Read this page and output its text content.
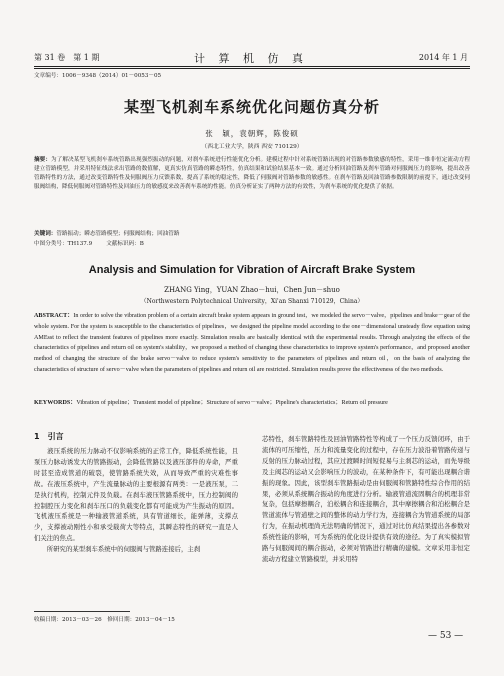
第 31 卷　第 1 期	计 算 机 仿 真	2014 年 1 月
文章编号：1006－9348（2014）01－0053－05
某型飞机刹车系统优化问题仿真分析
张　颖，袁朝辉，陈俊硕
（西北工业大学，陕西 西安 710129）
摘要：为了解决某型飞机刹车系统管路出现强烈振动的问题，对刹车系统进行性能优化分析。建模过程中针对系统管路出现的对管路参数敏感的特性，采用一维非恒定流动方程建立管路模型，并采用特征线法求出管路的数值解，更真实仿真管路的瞬态特性，仿真结果和试验结果基本一致。通过分析回油管路及刹车管路对伺服阀压力的影响，提出改善管路特性的方法，通过改变管路特性及伺服阀压力反馈系数，提高了系统的稳定性，降低了伺服阀对管路参数的敏感性。在刹车管路及回油管路参数限制的前提下，通过改变伺服阀结构，降低伺服阀对管路特性及回油压力的敏感度来改善刹车系统的性能。仿真分析证实了两种方法的有效性，为刹车系统的优化提供了依据。
关键词：管路振动；瞬态管路模型；伺服阀结构；回油管路
中图分类号：TH137.9	文献标识码：B
Analysis and Simulation for Vibration of Aircraft Brake System
ZHANG Ying，YUAN Zhao－hui，Chen Jun－shuo
（Northwestern Polytechnical University，Xi'an Shanxi 710129，China）
ABSTRACT：In order to solve the vibration problem of a certain aircraft brake system appears in ground test，we modeled the servo－valve，pipelines and brake－gear of the whole system. For the system is susceptible to the characteristics of pipelines，we designed the pipeline model according to the one－dimensional unsteady flow equation using AMEsst to reflect the transient features of pipelines more exactly. Simulation results are basically identical with the experimental results. Through analyzing the effects of the characteristics of pipelines and return oil on system's stability，we proposed a method of changing these characteristics to improve system's performance，and proposed another method of changing the structure of the brake servo－valve to reduce system's sensitivity to the parameters of pipelines and return oil，on the basis of analyzing the characteristics of structure of servo－valve when the parameters of pipelines and return oil are restricted. Simulation results prove the effectiveness of the two methods.
KEYWORDS：Vibration of pipeline；Transient model of pipeline；Structure of servo－valve；Pipeline's characteristics；Return oil pressure
1　引言
　　液压系统的压力脉动不仅影响系统的正常工作，降低系统性能，且泵压力脉动诱发大的管路振动，会降低管路以及液压部件的寿命，严重时甚至造成管道的破裂，使管路系统失效，从而导致严重的灾难性事故。在液压系统中，产生流量脉动的主要根源有两类：一是液压泵，二是执行机构，控制元件及负载。在刹车液压管路系统中，压力控制阀的控制腔压力变化和刹车压口的负载变化都有可能成为产生振动的原因。飞机液压系统是一种输液管道系统，具有管道细长，能弹薄，支撑点少，支撑被动刚性小和承受载荷大等特点，其瞬态特性的研究一直是人们关注的焦点。
　　所研究的某型刹车系统中的伺服阀与管路连接后，主刹
芯特性，刹车管路特性及回油管路特性等构成了一个压力反馈闭环，由于流体的可压缩性，压力和流量变化的过程中，存在压力波沿着管路传递与反射的压力脉动过程，其应过渡瞬时间短促易与主刹芯的运动，而先导级及主阀芯的运动又会影响压力的波动，在某种条件下，有可能出现耦合谐振的现象。因此，该型刹车管路振动是由伺服阀和管路特性综合作用的结果，必须从系统耦合振动的角度进行分析。输液管道流固耦合的机理非常复杂，包括摩擦耦合，泊松耦合和连接耦合，其中摩擦耦合和泊松耦合是管道流体与管道壁之间的整体的动力学行为，连接耦合为管道系统的局部行为，在振动机理尚无法明确的情况下，通过对比仿真结果提出各参数对系统性能的影响，可为系统的优化设计提供有效的途径。为了真实模拟管路与伺服阀间的耦合振动，必须对管路进行精确的建模。文章采用非恒定流动方程建立管路模型，并采用特
收稿日期：2013－03－26　修回日期：2013－04－15
— 53 —
